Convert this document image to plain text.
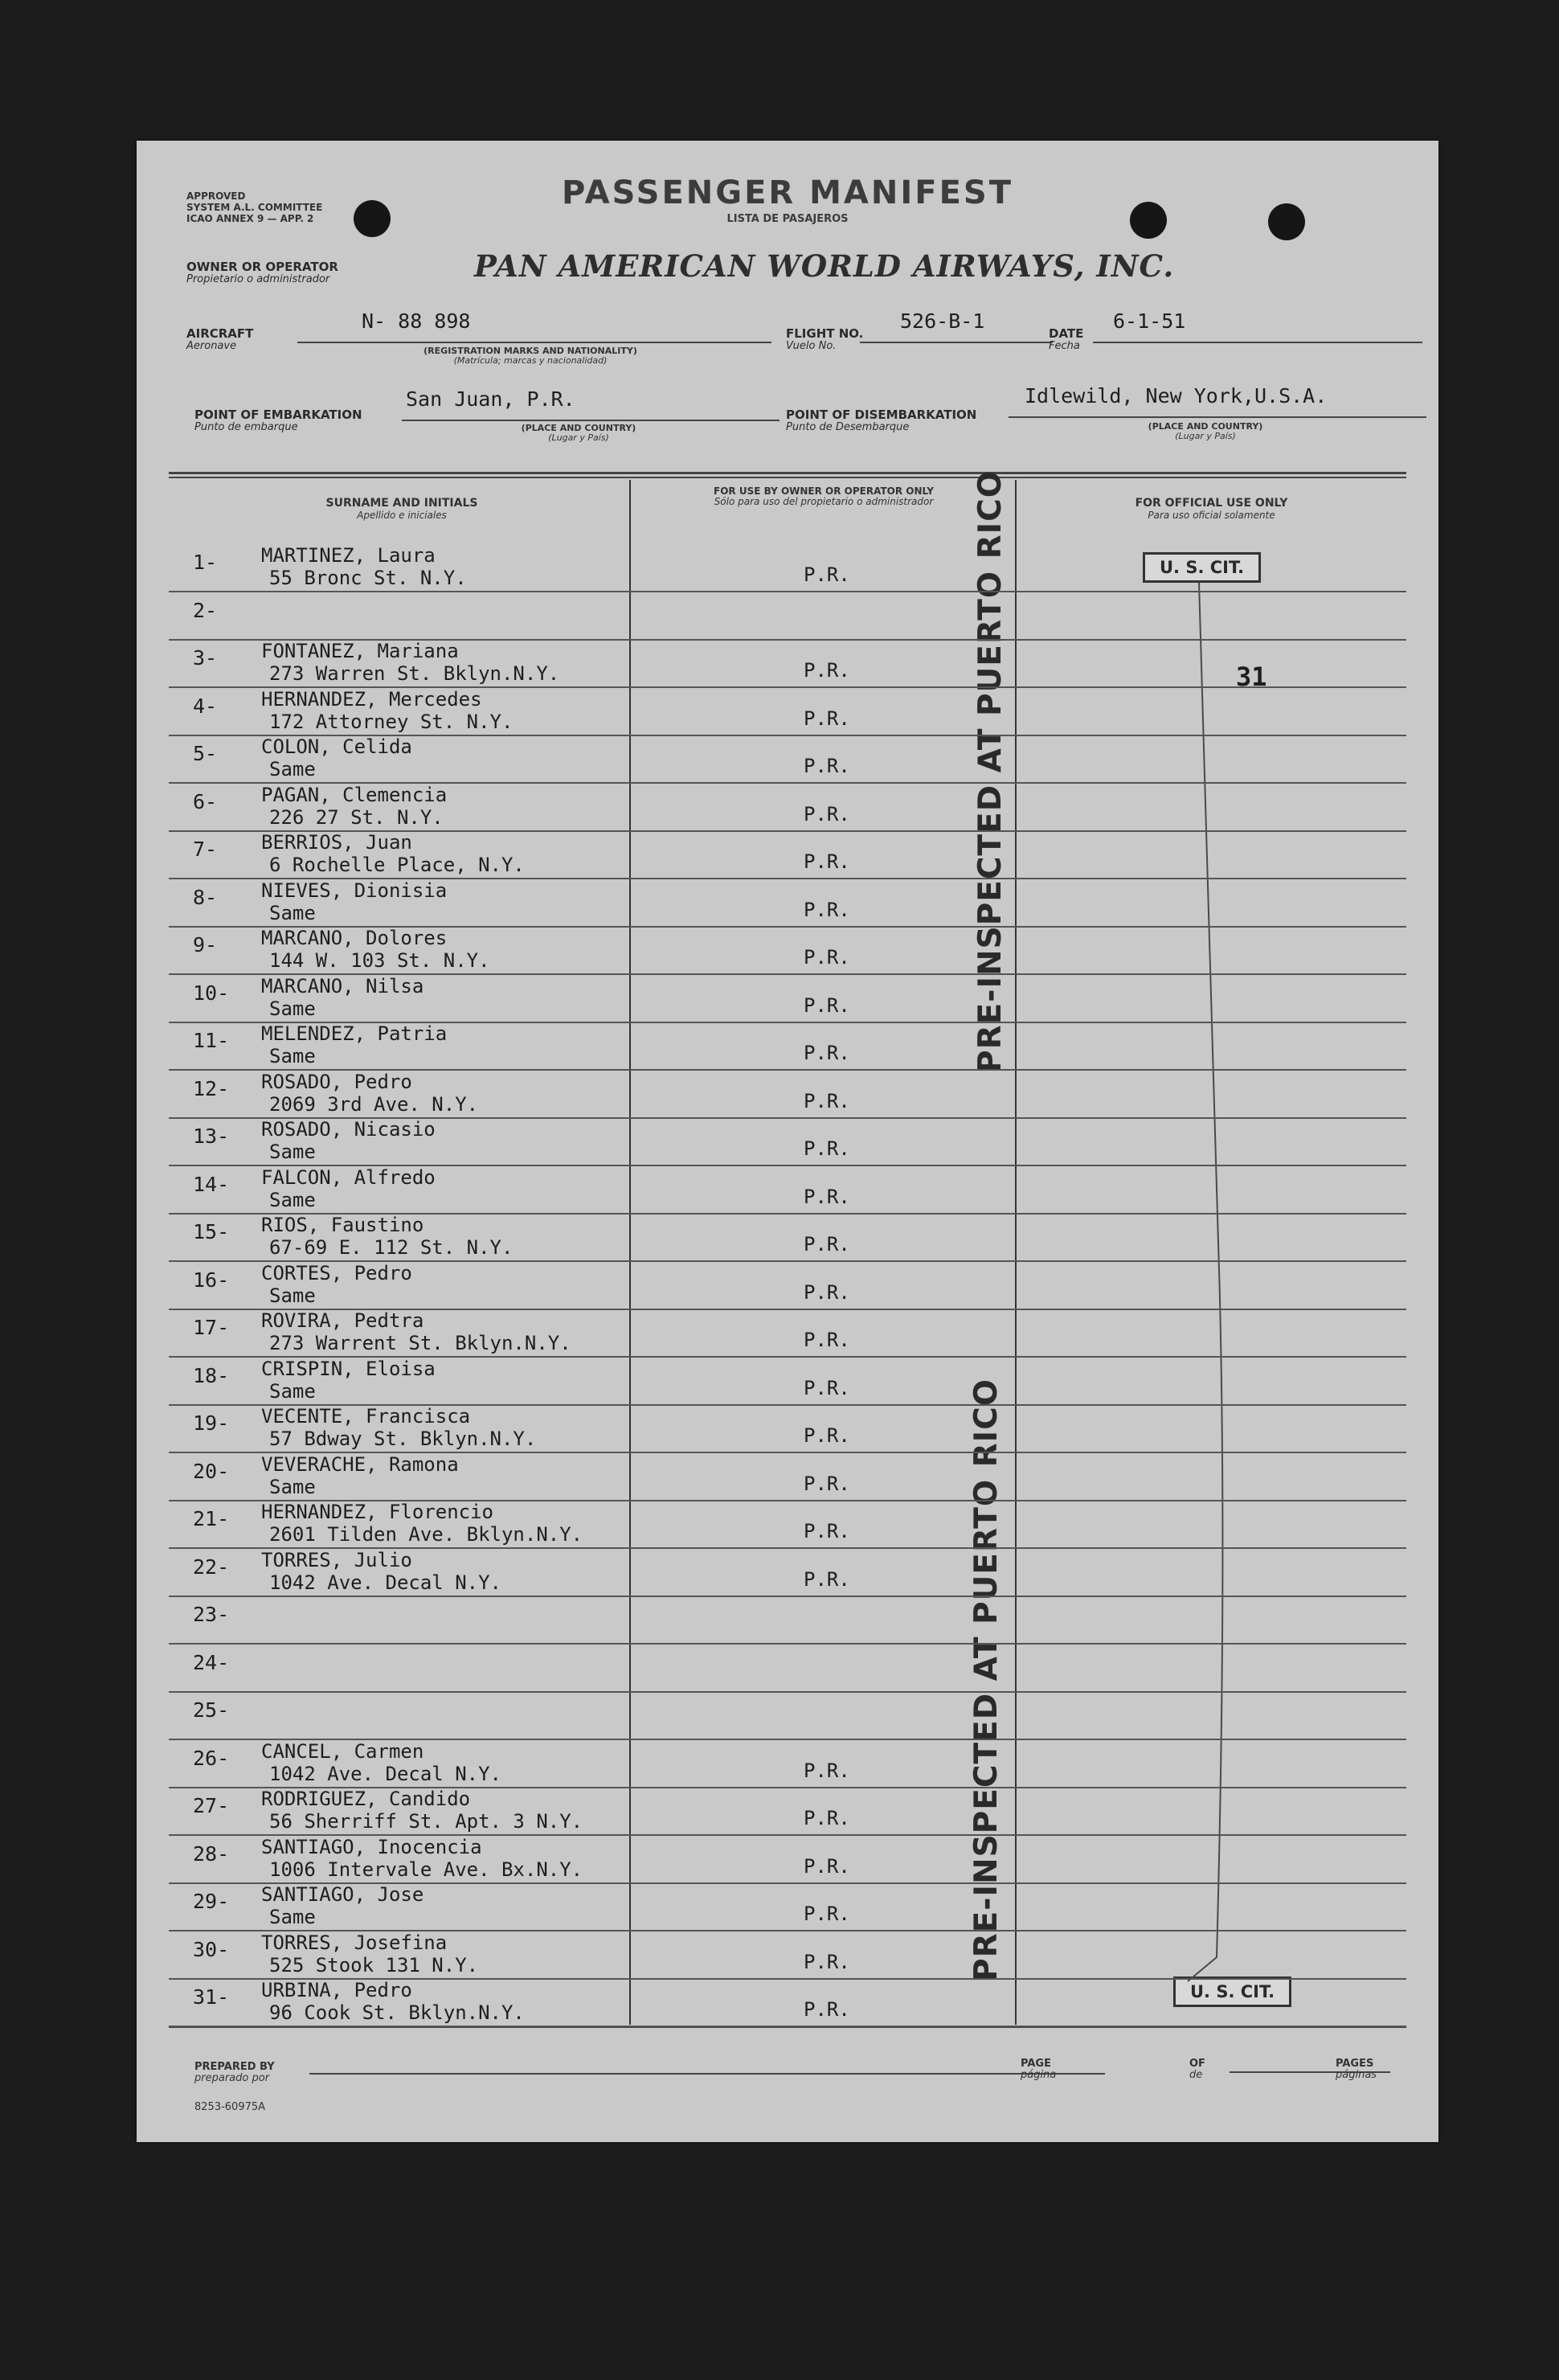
APPROVED
SYSTEM A.L. COMMITTEE
ICAO ANNEX 9 — APP. 2
PASSENGER MANIFEST
LISTA DE PASAJEROS
OWNER OR OPERATOR
Propietario o administrador	PAN AMERICAN WORLD AIRWAYS, INC.
AIRCRAFT
Aeronave
N- 88 898
(REGISTRATION MARKS AND NATIONALITY)
(Matrícula; marcas y nacionalidad)
FLIGHT NO.
Vuelo No.
526-B-1
DATE
Fecha
6-1-51
POINT OF EMBARKATION
Punto de embarque
San Juan, P.R.
(PLACE AND COUNTRY)
(Lugar y País)
POINT OF DISEMBARKATION
Punto de Desembarque
Idlewild, New York,U.S.A.
(PLACE AND COUNTRY)
(Lugar y País)
SURNAME AND INITIALS
Apellido e iniciales
FOR USE BY OWNER OR OPERATOR ONLY
Sólo para uso del propietario o administrador	FOR OFFICIAL USE ONLY
Para uso oficial solamente
PRE-INSPECTED AT PUERTO RICO
PRE-INSPECTED AT PUERTO RICO
U. S. CIT.
U. S. CIT.
31
PREPARED BY
preparado por
PAGE
página
OF
de
PAGES
páginas
8253-60975A
1- MARTINEZ, Laura
55 Bronc St. N.Y.	P.R.
2-
3- FONTANEZ, Mariana
273 Warren St. Bklyn.N.Y.	P.R.
4- HERNANDEZ, Mercedes
172 Attorney St. N.Y.	P.R.
5- COLON, Celida
Same	P.R.
6- PAGAN, Clemencia
226 27 St. N.Y.	P.R.
7- BERRIOS, Juan
6 Rochelle Place, N.Y.	P.R.
8- NIEVES, Dionisia
Same	P.R.
9- MARCANO, Dolores
144 W. 103 St. N.Y.	P.R.
10- MARCANO, Nilsa
Same	P.R.
11- MELENDEZ, Patria
Same	P.R.
12- ROSADO, Pedro
2069 3rd Ave. N.Y.	P.R.
13- ROSADO, Nicasio
Same	P.R.
14- FALCON, Alfredo
Same	P.R.
15- RIOS, Faustino
67-69 E. 112 St. N.Y.	P.R.
16- CORTES, Pedro
Same	P.R.
17- ROVIRA, Pedtra
273 Warrent St. Bklyn.N.Y.	P.R.
18- CRISPIN, Eloisa
Same	P.R.
19- VECENTE, Francisca
57 Bdway St. Bklyn.N.Y.	P.R.
20- VEVERACHE, Ramona
Same	P.R.
21- HERNANDEZ, Florencio
2601 Tilden Ave. Bklyn.N.Y.	P.R.
22- TORRES, Julio
1042 Ave. Decal N.Y.	P.R.
23-
24-
25-
26- CANCEL, Carmen
1042 Ave. Decal N.Y.	P.R.
27- RODRIGUEZ, Candido
56 Sherriff St. Apt. 3 N.Y.	P.R.
28- SANTIAGO, Inocencia
1006 Intervale Ave. Bx.N.Y.	P.R.
29- SANTIAGO, Jose
Same	P.R.
30- TORRES, Josefina
525 Stook 131 N.Y.	P.R.
31- URBINA, Pedro
96 Cook St. Bklyn.N.Y.	P.R.
